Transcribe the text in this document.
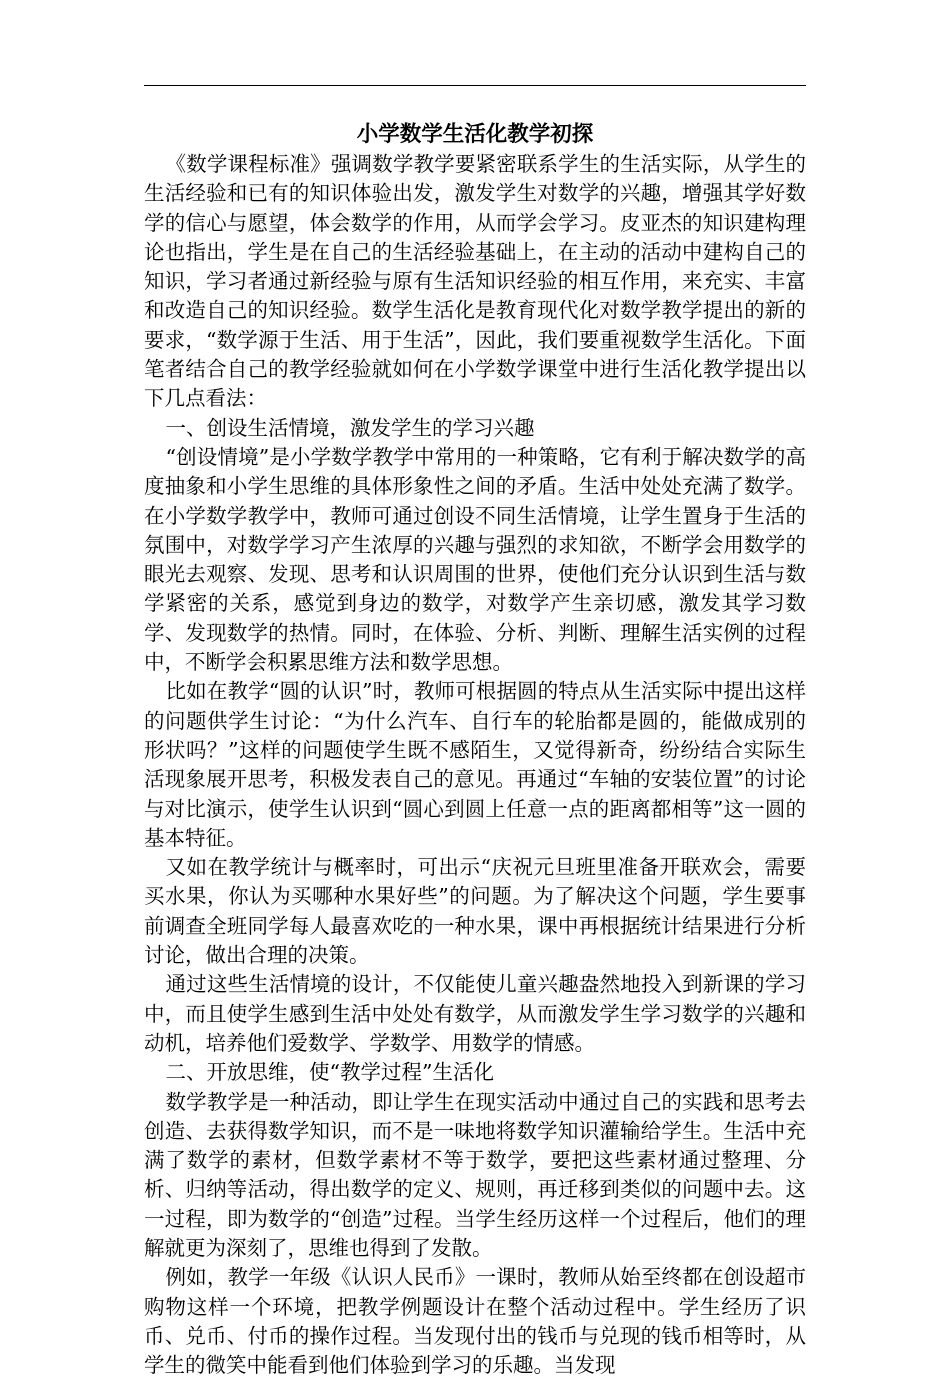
小学数学生活化教学初探

《数学课程标准》强调数学教学要紧密联系学生的生活实际，从学生的生活经验和已有的知识体验出发，激发学生对数学的兴趣，增强其学好数学的信心与愿望，体会数学的作用，从而学会学习。皮亚杰的知识建构理论也指出，学生是在自己的生活经验基础上，在主动的活动中建构自己的知识，学习者通过新经验与原有生活知识经验的相互作用，来充实、丰富和改造自己的知识经验。数学生活化是教育现代化对数学教学提出的新的要求，“数学源于生活、用于生活”，因此，我们要重视数学生活化。下面笔者结合自己的教学经验就如何在小学数学课堂中进行生活化教学提出以下几点看法：

一、创设生活情境，激发学生的学习兴趣

“创设情境”是小学数学教学中常用的一种策略，它有利于解决数学的高度抽象和小学生思维的具体形象性之间的矛盾。生活中处处充满了数学。在小学数学教学中，教师可通过创设不同生活情境，让学生置身于生活的氛围中，对数学学习产生浓厚的兴趣与强烈的求知欲，不断学会用数学的眼光去观察、发现、思考和认识周围的世界，使他们充分认识到生活与数学紧密的关系，感觉到身边的数学，对数学产生亲切感，激发其学习数学、发现数学的热情。同时，在体验、分析、判断、理解生活实例的过程中，不断学会积累思维方法和数学思想。

比如在教学“圆的认识”时，教师可根据圆的特点从生活实际中提出这样的问题供学生讨论：“为什么汽车、自行车的轮胎都是圆的，能做成别的形状吗？”这样的问题使学生既不感陌生，又觉得新奇，纷纷结合实际生活现象展开思考，积极发表自己的意见。再通过“车轴的安装位置”的讨论与对比演示，使学生认识到“圆心到圆上任意一点的距离都相等”这一圆的基本特征。

又如在教学统计与概率时，可出示“庆祝元旦班里准备开联欢会，需要买水果，你认为买哪种水果好些”的问题。为了解决这个问题，学生要事前调查全班同学每人最喜欢吃的一种水果，课中再根据统计结果进行分析讨论，做出合理的决策。

通过这些生活情境的设计，不仅能使儿童兴趣盎然地投入到新课的学习中，而且使学生感到生活中处处有数学，从而激发学生学习数学的兴趣和动机，培养他们爱数学、学数学、用数学的情感。

二、开放思维，使“教学过程”生活化

数学教学是一种活动，即让学生在现实活动中通过自己的实践和思考去创造、去获得数学知识，而不是一味地将数学知识灌输给学生。生活中充满了数学的素材，但数学素材不等于数学，要把这些素材通过整理、分析、归纳等活动，得出数学的定义、规则，再迁移到类似的问题中去。这一过程，即为数学的“创造”过程。当学生经历这样一个过程后，他们的理解就更为深刻了，思维也得到了发散。

例如，教学一年级《认识人民币》一课时，教师从始至终都在创设超市购物这样一个环境，把教学例题设计在整个活动过程中。学生经历了识币、兑币、付币的操作过程。当发现付出的钱币与兑现的钱币相等时，从学生的微笑中能看到他们体验到学习的乐趣。当发现
